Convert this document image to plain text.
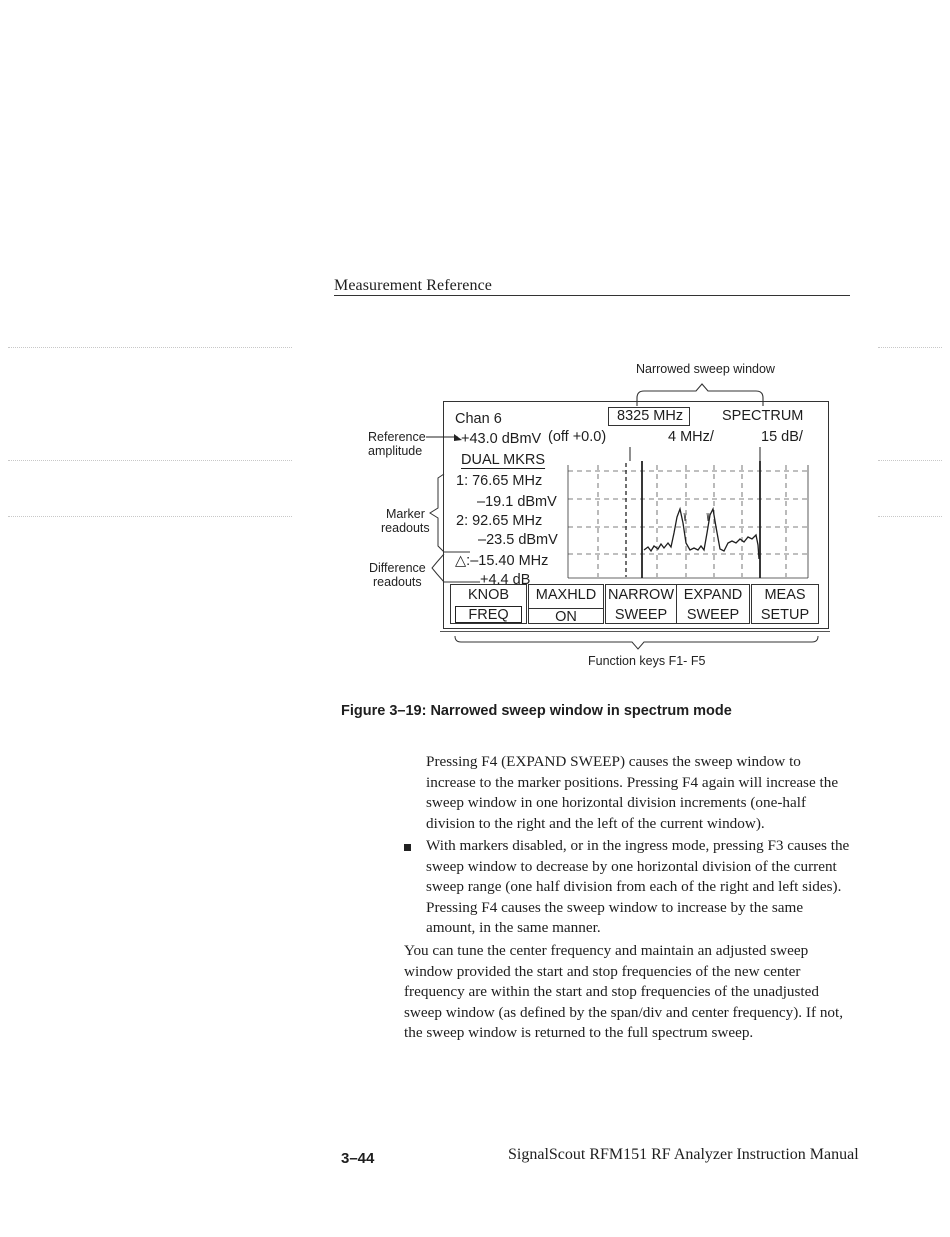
Measurement Reference
Narrowed sweep window
Chan 6	8325 MHz	SPECTRUM
+43.0 dBmV (off +0.0)	4 MHz/	15 dB/
DUAL MKRS
1: 76.65 MHz
–19.1 dBmV
2: 92.65 MHz
–23.5 dBmV
△:–15.40 MHz
+4.4 dB
KNOB
FREQ
MAXHLD
ON
NARROW
SWEEP
EXPAND
SWEEP
MEAS
SETUP
Reference
amplitude
Marker
readouts
Difference
readouts
Function keys F1- F5
Figure 3–19: Narrowed sweep window in spectrum mode

Pressing F4 (EXPAND SWEEP) causes the sweep window to increase to the marker positions. Pressing F4 again will increase the sweep window in one horizontal division increments (one-half division to the right and the left of the current window).

With markers disabled, or in the ingress mode, pressing F3 causes the sweep window to decrease by one horizontal division of the current sweep range (one half division from each of the right and left sides). Pressing F4 causes the sweep window to increase by the same amount, in the same manner.

You can tune the center frequency and maintain an adjusted sweep window provided the start and stop frequencies of the new center frequency are within the start and stop frequencies of the unadjusted sweep window (as defined by the span/div and center frequency). If not, the sweep window is returned to the full spectrum sweep.

3–44	SignalScout RFM151 RF Analyzer Instruction Manual
